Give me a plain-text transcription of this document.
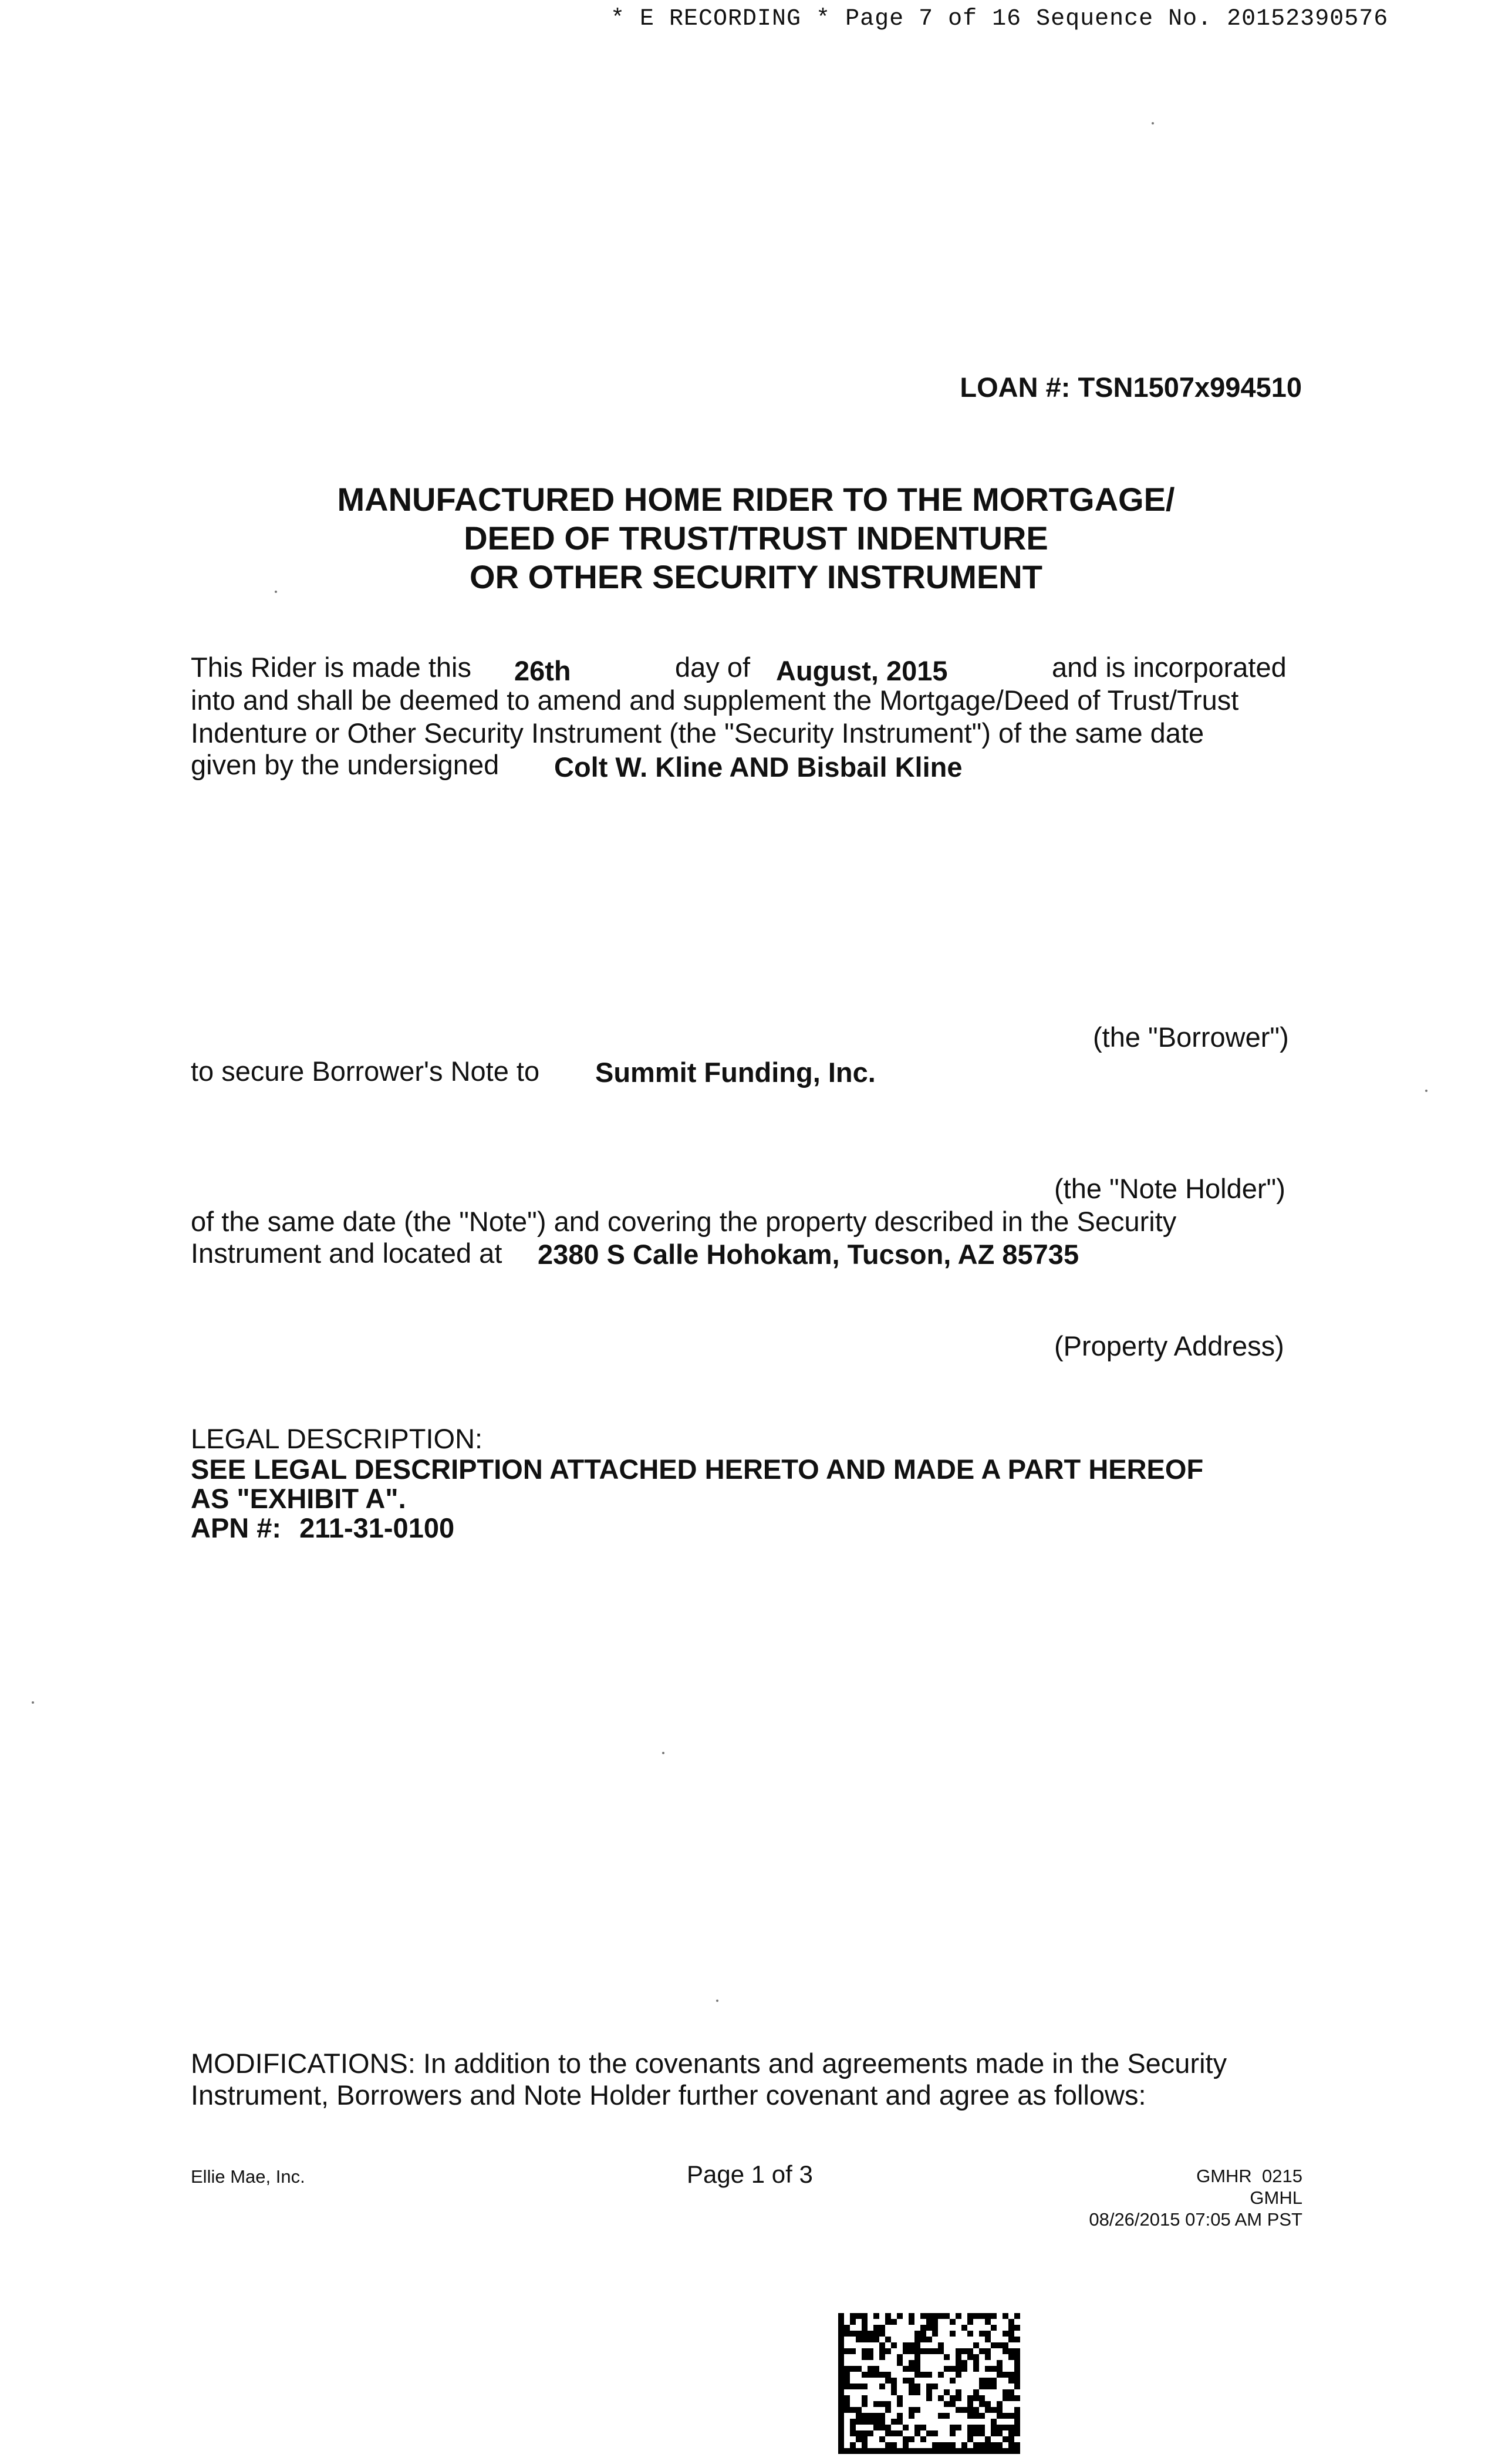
* E RECORDING * Page 7 of 16 Sequence No. 20152390576
LOAN #: TSN1507x994510
MANUFACTURED HOME RIDER TO THE MORTGAGE/
DEED OF TRUST/TRUST INDENTURE
OR OTHER SECURITY INSTRUMENT
This Rider is made this 26th	day of August, 2015	and is incorporated
into and shall be deemed to amend and supplement the Mortgage/Deed of Trust/Trust
Indenture or Other Security Instrument (the "Security Instrument") of the same date
given by the undersigned Colt W. Kline AND Bisbail Kline
(the "Borrower")
to secure Borrower's Note to Summit Funding, Inc.
(the "Note Holder")
of the same date (the "Note") and covering the property described in the Security
Instrument and located at 2380 S Calle Hohokam, Tucson, AZ 85735
(Property Address)
LEGAL DESCRIPTION:
SEE LEGAL DESCRIPTION ATTACHED HERETO AND MADE A PART HEREOF
AS "EXHIBIT A".
APN #: 211-31-0100
MODIFICATIONS: In addition to the covenants and agreements made in the Security
Instrument, Borrowers and Note Holder further covenant and agree as follows:
Ellie Mae, Inc.	Page 1 of 3	GMHR  0215
GMHL
08/26/2015 07:05 AM PST
